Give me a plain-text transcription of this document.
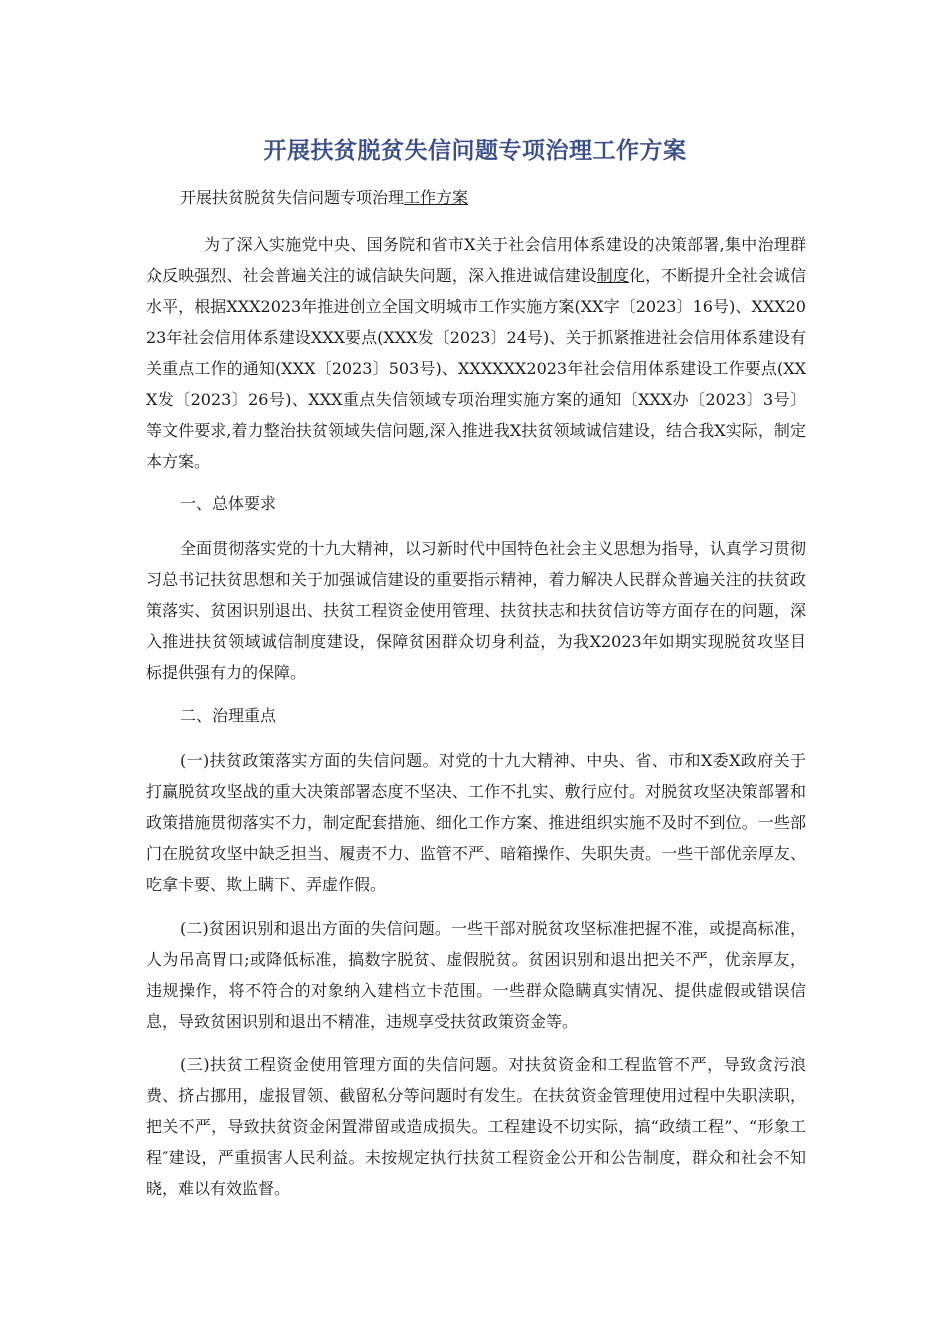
开展扶贫脱贫失信问题专项治理工作方案
开展扶贫脱贫失信问题专项治理工作方案
为了深入实施党中央、国务院和省市X关于社会信用体系建设的决策部署,集中治理群众反映强烈、社会普遍关注的诚信缺失问题，深入推进诚信建设制度化，不断提升全社会诚信水平，根据XXX2023年推进创立全国文明城市工作实施方案(XX字〔2023〕16号)、XXX2023年社会信用体系建设XXX要点(XXX发〔2023〕24号)、关于抓紧推进社会信用体系建设有关重点工作的通知(XXX〔2023〕503号)、XXXXXX2023年社会信用体系建设工作要点(XXX发〔2023〕26号)、XXX重点失信领域专项治理实施方案的通知〔XXX办〔2023〕3号〕等文件要求,着力整治扶贫领域失信问题,深入推进我X扶贫领域诚信建设，结合我X实际，制定本方案。
一、总体要求
全面贯彻落实党的十九大精神，以习新时代中国特色社会主义思想为指导，认真学习贯彻习总书记扶贫思想和关于加强诚信建设的重要指示精神，着力解决人民群众普遍关注的扶贫政策落实、贫困识别退出、扶贫工程资金使用管理、扶贫扶志和扶贫信访等方面存在的问题，深入推进扶贫领域诚信制度建设，保障贫困群众切身利益，为我X2023年如期实现脱贫攻坚目标提供强有力的保障。
二、治理重点
(一)扶贫政策落实方面的失信问题。对党的十九大精神、中央、省、市和X委X政府关于打赢脱贫攻坚战的重大决策部署态度不坚决、工作不扎实、敷行应付。对脱贫攻坚决策部署和政策措施贯彻落实不力，制定配套措施、细化工作方案、推进组织实施不及时不到位。一些部门在脱贫攻坚中缺乏担当、履责不力、监管不严、暗箱操作、失职失责。一些干部优亲厚友、吃拿卡要、欺上瞒下、弄虚作假。
(二)贫困识别和退出方面的失信问题。一些干部对脱贫攻坚标准把握不准，或提高标准，人为吊高胃口;或降低标准，搞数字脱贫、虚假脱贫。贫困识别和退出把关不严，优亲厚友，违规操作，将不符合的对象纳入建档立卡范围。一些群众隐瞒真实情况、提供虚假或错误信息，导致贫困识别和退出不精准，违规享受扶贫政策资金等。
(三)扶贫工程资金使用管理方面的失信问题。对扶贫资金和工程监管不严，导致贪污浪费、挤占挪用，虚报冒领、截留私分等问题时有发生。在扶贫资金管理使用过程中失职渎职，把关不严，导致扶贫资金闲置滞留或造成损失。工程建设不切实际，搞“政绩工程”、“形象工程″建设，严重损害人民利益。未按规定执行扶贫工程资金公开和公告制度，群众和社会不知晓，难以有效监督。
